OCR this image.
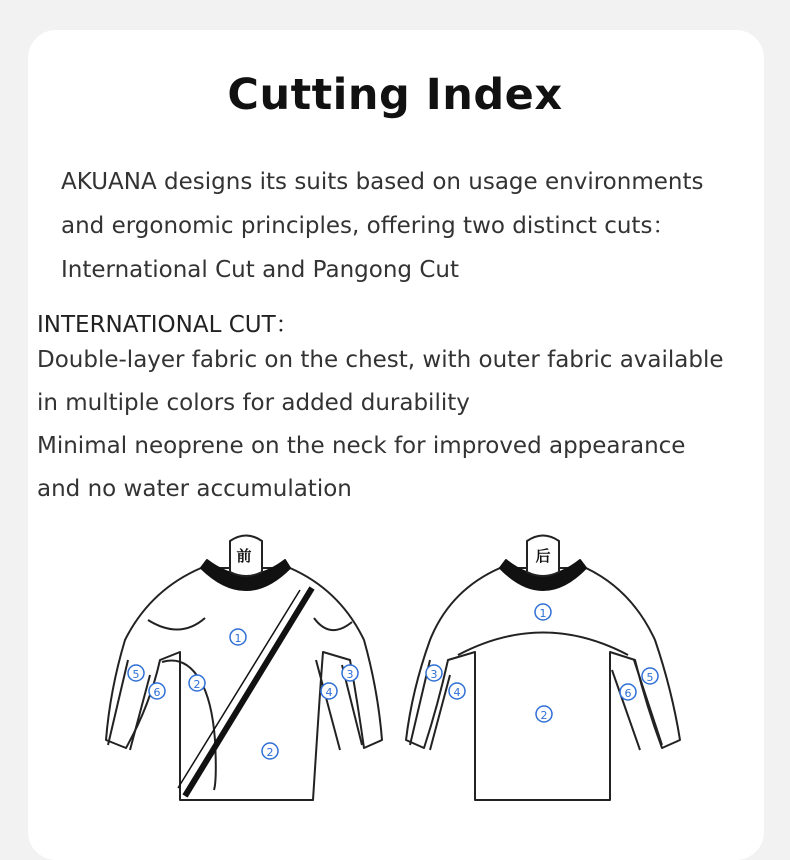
Cutting Index
AKUANA designs its suits based on usage environments
and ergonomic principles, offering two distinct cuts：
International Cut and Pangong Cut
INTERNATIONAL CUT：
Double-layer fabric on the chest, with outer fabric available
in multiple colors for added durability
Minimal neoprene on the neck for improved appearance
and no water accumulation
前	后
1
2
2
3
4
5
6
1
2
3
4
5
6
